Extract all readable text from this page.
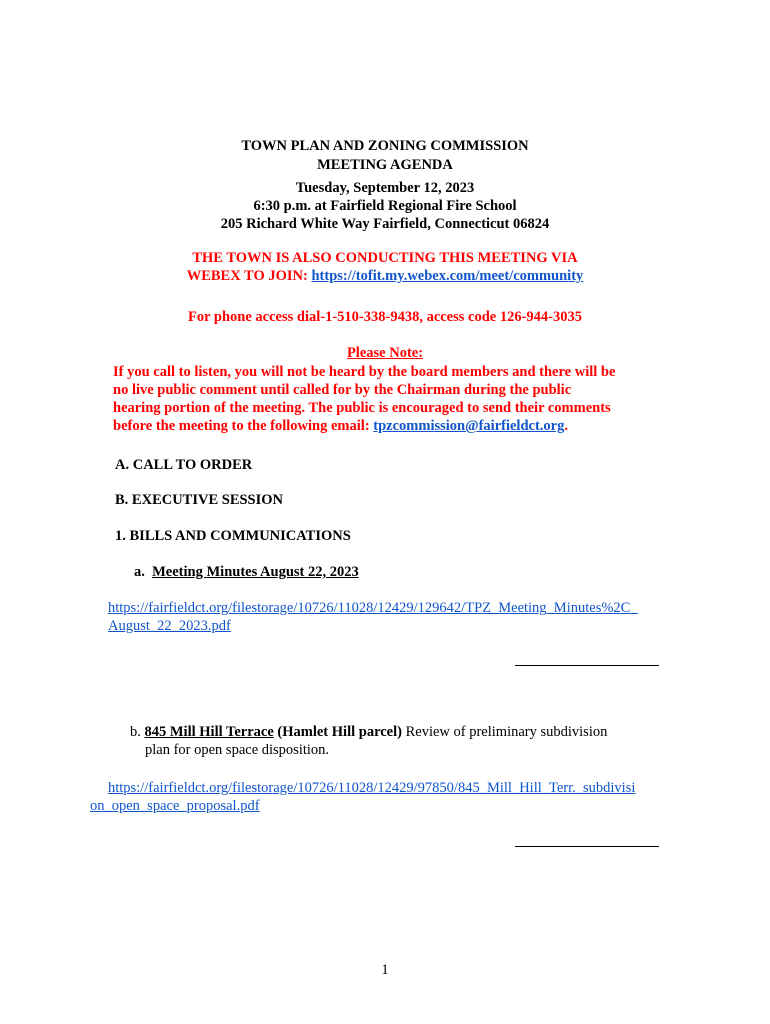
TOWN PLAN AND ZONING COMMISSION
MEETING AGENDA
Tuesday, September 12, 2023
6:30 p.m. at Fairfield Regional Fire School
205 Richard White Way Fairfield, Connecticut 06824
THE TOWN IS ALSO CONDUCTING THIS MEETING VIA
WEBEX TO JOIN: https://tofit.my.webex.com/meet/community
For phone access dial-1-510-338-9438, access code 126-944-3035
Please Note:
If you call to listen, you will not be heard by the board members and there will be
no live public comment until called for by the Chairman during the public
hearing portion of the meeting. The public is encouraged to send their comments
before the meeting to the following email: tpzcommission@fairfieldct.org.
A. CALL TO ORDER
B. EXECUTIVE SESSION
1. BILLS AND COMMUNICATIONS
a. Meeting Minutes August 22, 2023
https://fairfieldct.org/filestorage/10726/11028/12429/129642/TPZ_Meeting_Minutes%2C_
August_22_2023.pdf
b. 845 Mill Hill Terrace (Hamlet Hill parcel) Review of preliminary subdivision
plan for open space disposition.
https://fairfieldct.org/filestorage/10726/11028/12429/97850/845_Mill_Hill_Terr._subdivisi
on_open_space_proposal.pdf
1
